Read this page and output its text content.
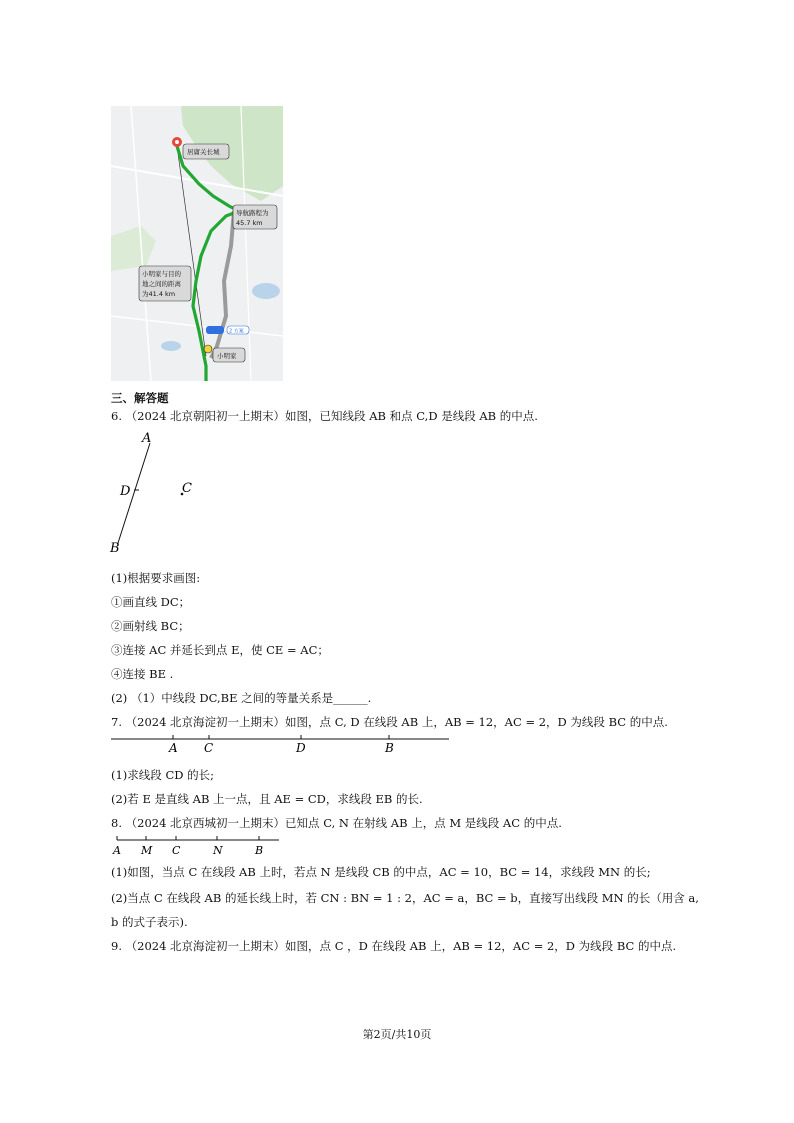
居庸关长城
导航路程为
45.7 km
小明家与目的
地之间的距离
为41.4 km
2 方案
小明家
三、解答题
6. （2024 北京朝阳初一上期末）如图，已知线段 AB 和点 C,D 是线段 AB 的中点.
A
B
C
D
(1)根据要求画图:
①画直线 DC；
②画射线 BC；
③连接 AC 并延长到点 E，使 CE = AC；
④连接 BE .
(2) （1）中线段 DC,BE 之间的等量关系是______.
7. （2024 北京海淀初一上期末）如图，点 C, D 在线段 AB 上，AB = 12，AC = 2，D 为线段 BC 的中点.
A C	D	B
(1)求线段 CD 的长;
(2)若 E 是直线 AB 上一点，且 AE = CD，求线段 EB 的长.
8. （2024 北京西城初一上期末）已知点 C, N 在射线 AB 上，点 M 是线段 AC 的中点.
A M C	N	B
(1)如图，当点 C 在线段 AB 上时，若点 N 是线段 CB 的中点，AC = 10，BC = 14，求线段 MN 的长;
(2)当点 C 在线段 AB 的延长线上时，若 CN : BN = 1 : 2，AC = a，BC = b，直接写出线段 MN 的长（用含 a,
b 的式子表示).
9. （2024 北京海淀初一上期末）如图，点 C ，D 在线段 AB 上，AB = 12，AC = 2，D 为线段 BC 的中点.
第2页/共10页
